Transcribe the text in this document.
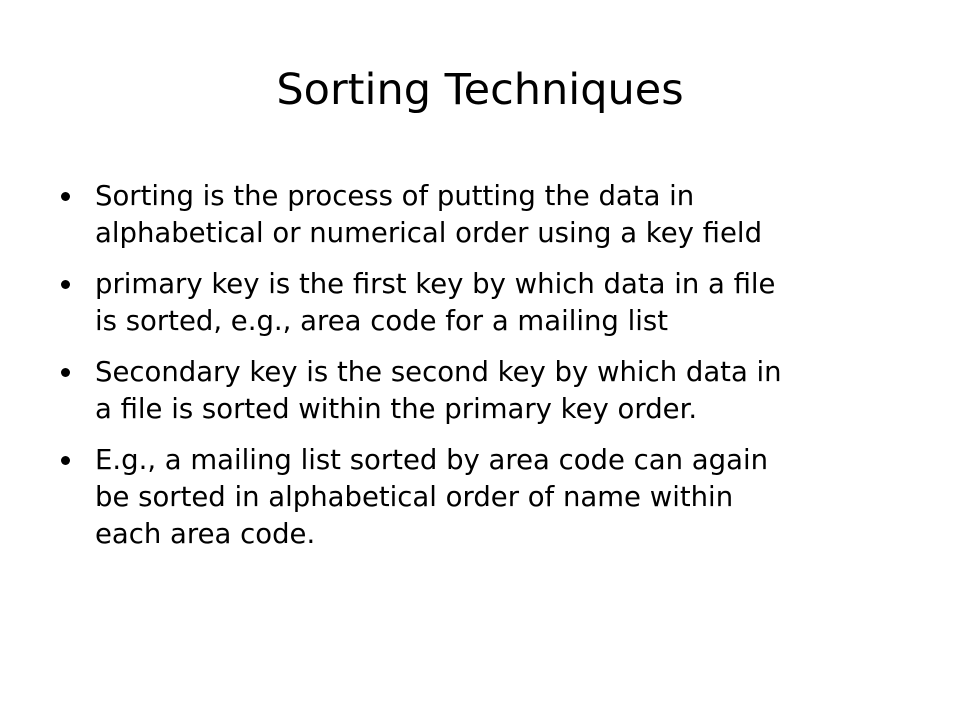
Sorting Techniques
Sorting is the process of putting the data in
alphabetical or numerical order using a key field
primary key is the first key by which data in a file
is sorted, e.g., area code for a mailing list
Secondary key is the second key by which data in
a file is sorted within the primary key order.
E.g., a mailing list sorted by area code can again
be sorted in alphabetical order of name within
each area code.
